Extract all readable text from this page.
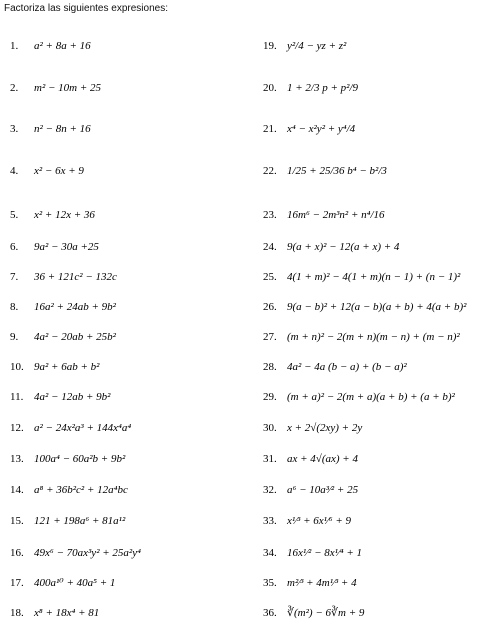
Factoriza las siguientes expresiones:
1. a² + 8a + 16
2. m² − 10m + 25
3. n² − 8n + 16
4. x² − 6x + 9
5. x² + 12x + 36
6. 9a² − 30a +25
7. 36 + 121c² − 132c
8. 16a² + 24ab + 9b²
9. 4a² − 20ab + 25b²
10. 9a² + 6ab + b²
11. 4a² − 12ab + 9b²
12. a² − 24x²a³ + 144x⁴a⁴
13. 100a⁴ − 60a²b + 9b²
14. a⁸ + 36b²c² + 12a⁴bc
15. 121 + 198a⁶ + 81a¹²
16. 49x⁶ − 70ax³y² + 25a²y⁴
17. 400a¹⁰ + 40a⁵ + 1
18. x⁸ + 18x⁴ + 81
19. y²/4 − yz + z²
20. 1 + 2/3 p + p²/9
21. x⁴ − x²y² + y⁴/4
22. 1/25 + 25/36 b⁴ − b²/3
23. 16m⁶ − 2m³n² + n⁴/16
24. 9(a + x)² − 12(a + x) + 4
25. 4(1 + m)² − 4(1 + m)(n − 1) + (n − 1)²
26. 9(a − b)² + 12(a − b)(a + b) + 4(a + b)²
27. (m + n)² − 2(m + n)(m − n) + (m − n)²
28. 4a² − 4a (b − a) + (b − a)²
29. (m + a)² − 2(m + a)(a + b) + (a + b)²
30. x + 2√(2xy) + 2y
31. ax + 4√(ax) + 4
32. a⁶ − 10a³⁄² + 25
33. x¹⁄³ + 6x¹⁄⁶ + 9
34. 16x¹⁄² − 8x¹⁄⁴ + 1
35. m²⁄³ + 4m¹⁄³ + 4
36. ∛(m²) − 6∛m + 9
